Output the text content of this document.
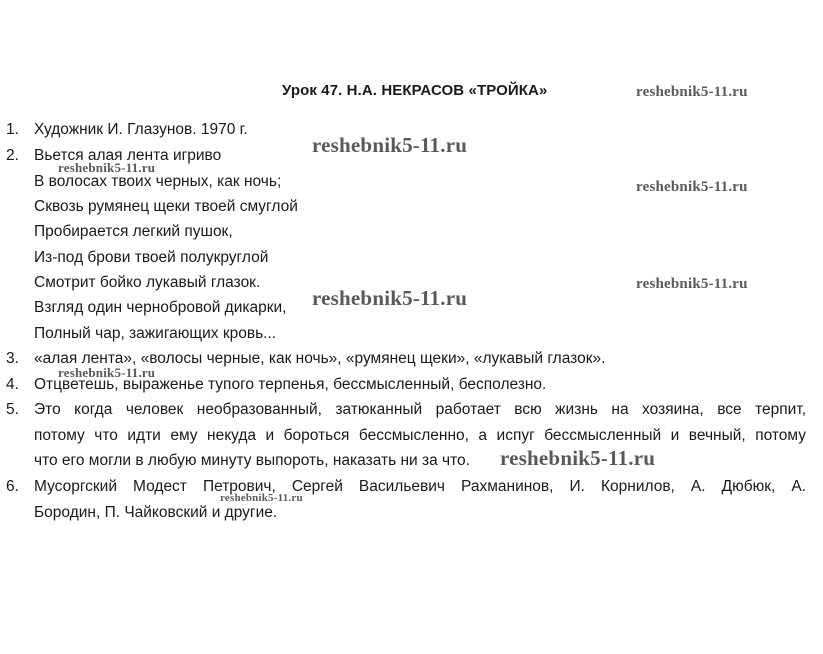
Урок 47. Н.А. НЕКРАСОВ «ТРОЙКА»
1. Художник И. Глазунов. 1970 г.
2. Вьется алая лента игриво
В волосах твоих черных, как ночь;
Сквозь румянец щеки твоей смуглой
Пробирается легкий пушок,
Из-под брови твоей полукруглой
Смотрит бойко лукавый глазок.
Взгляд один чернобровой дикарки,
Полный чар, зажигающих кровь...
3. «алая лента», «волосы черные, как ночь», «румянец щеки», «лукавый глазок».
4. Отцветешь, выраженье тупого терпенья, бессмысленный, бесполезно.
5. Это когда человек необразованный, затюканный работает всю жизнь на хозяина, все терпит,
потому что идти ему некуда и бороться бессмысленно, а испуг бессмысленный и вечный, потому
что его могли в любую минуту выпороть, наказать ни за что.
6. Мусоргский Модест Петрович, Сергей Васильевич Рахманинов, И. Корнилов, А. Дюбюк, А.
Бородин, П. Чайковский и другие.
reshebnik5-11.ru
reshebnik5-11.ru
reshebnik5-11.ru
reshebnik5-11.ru
reshebnik5-11.ru
reshebnik5-11.ru
reshebnik5-11.ru
reshebnik5-11.ru
reshebnik5-11.ru
